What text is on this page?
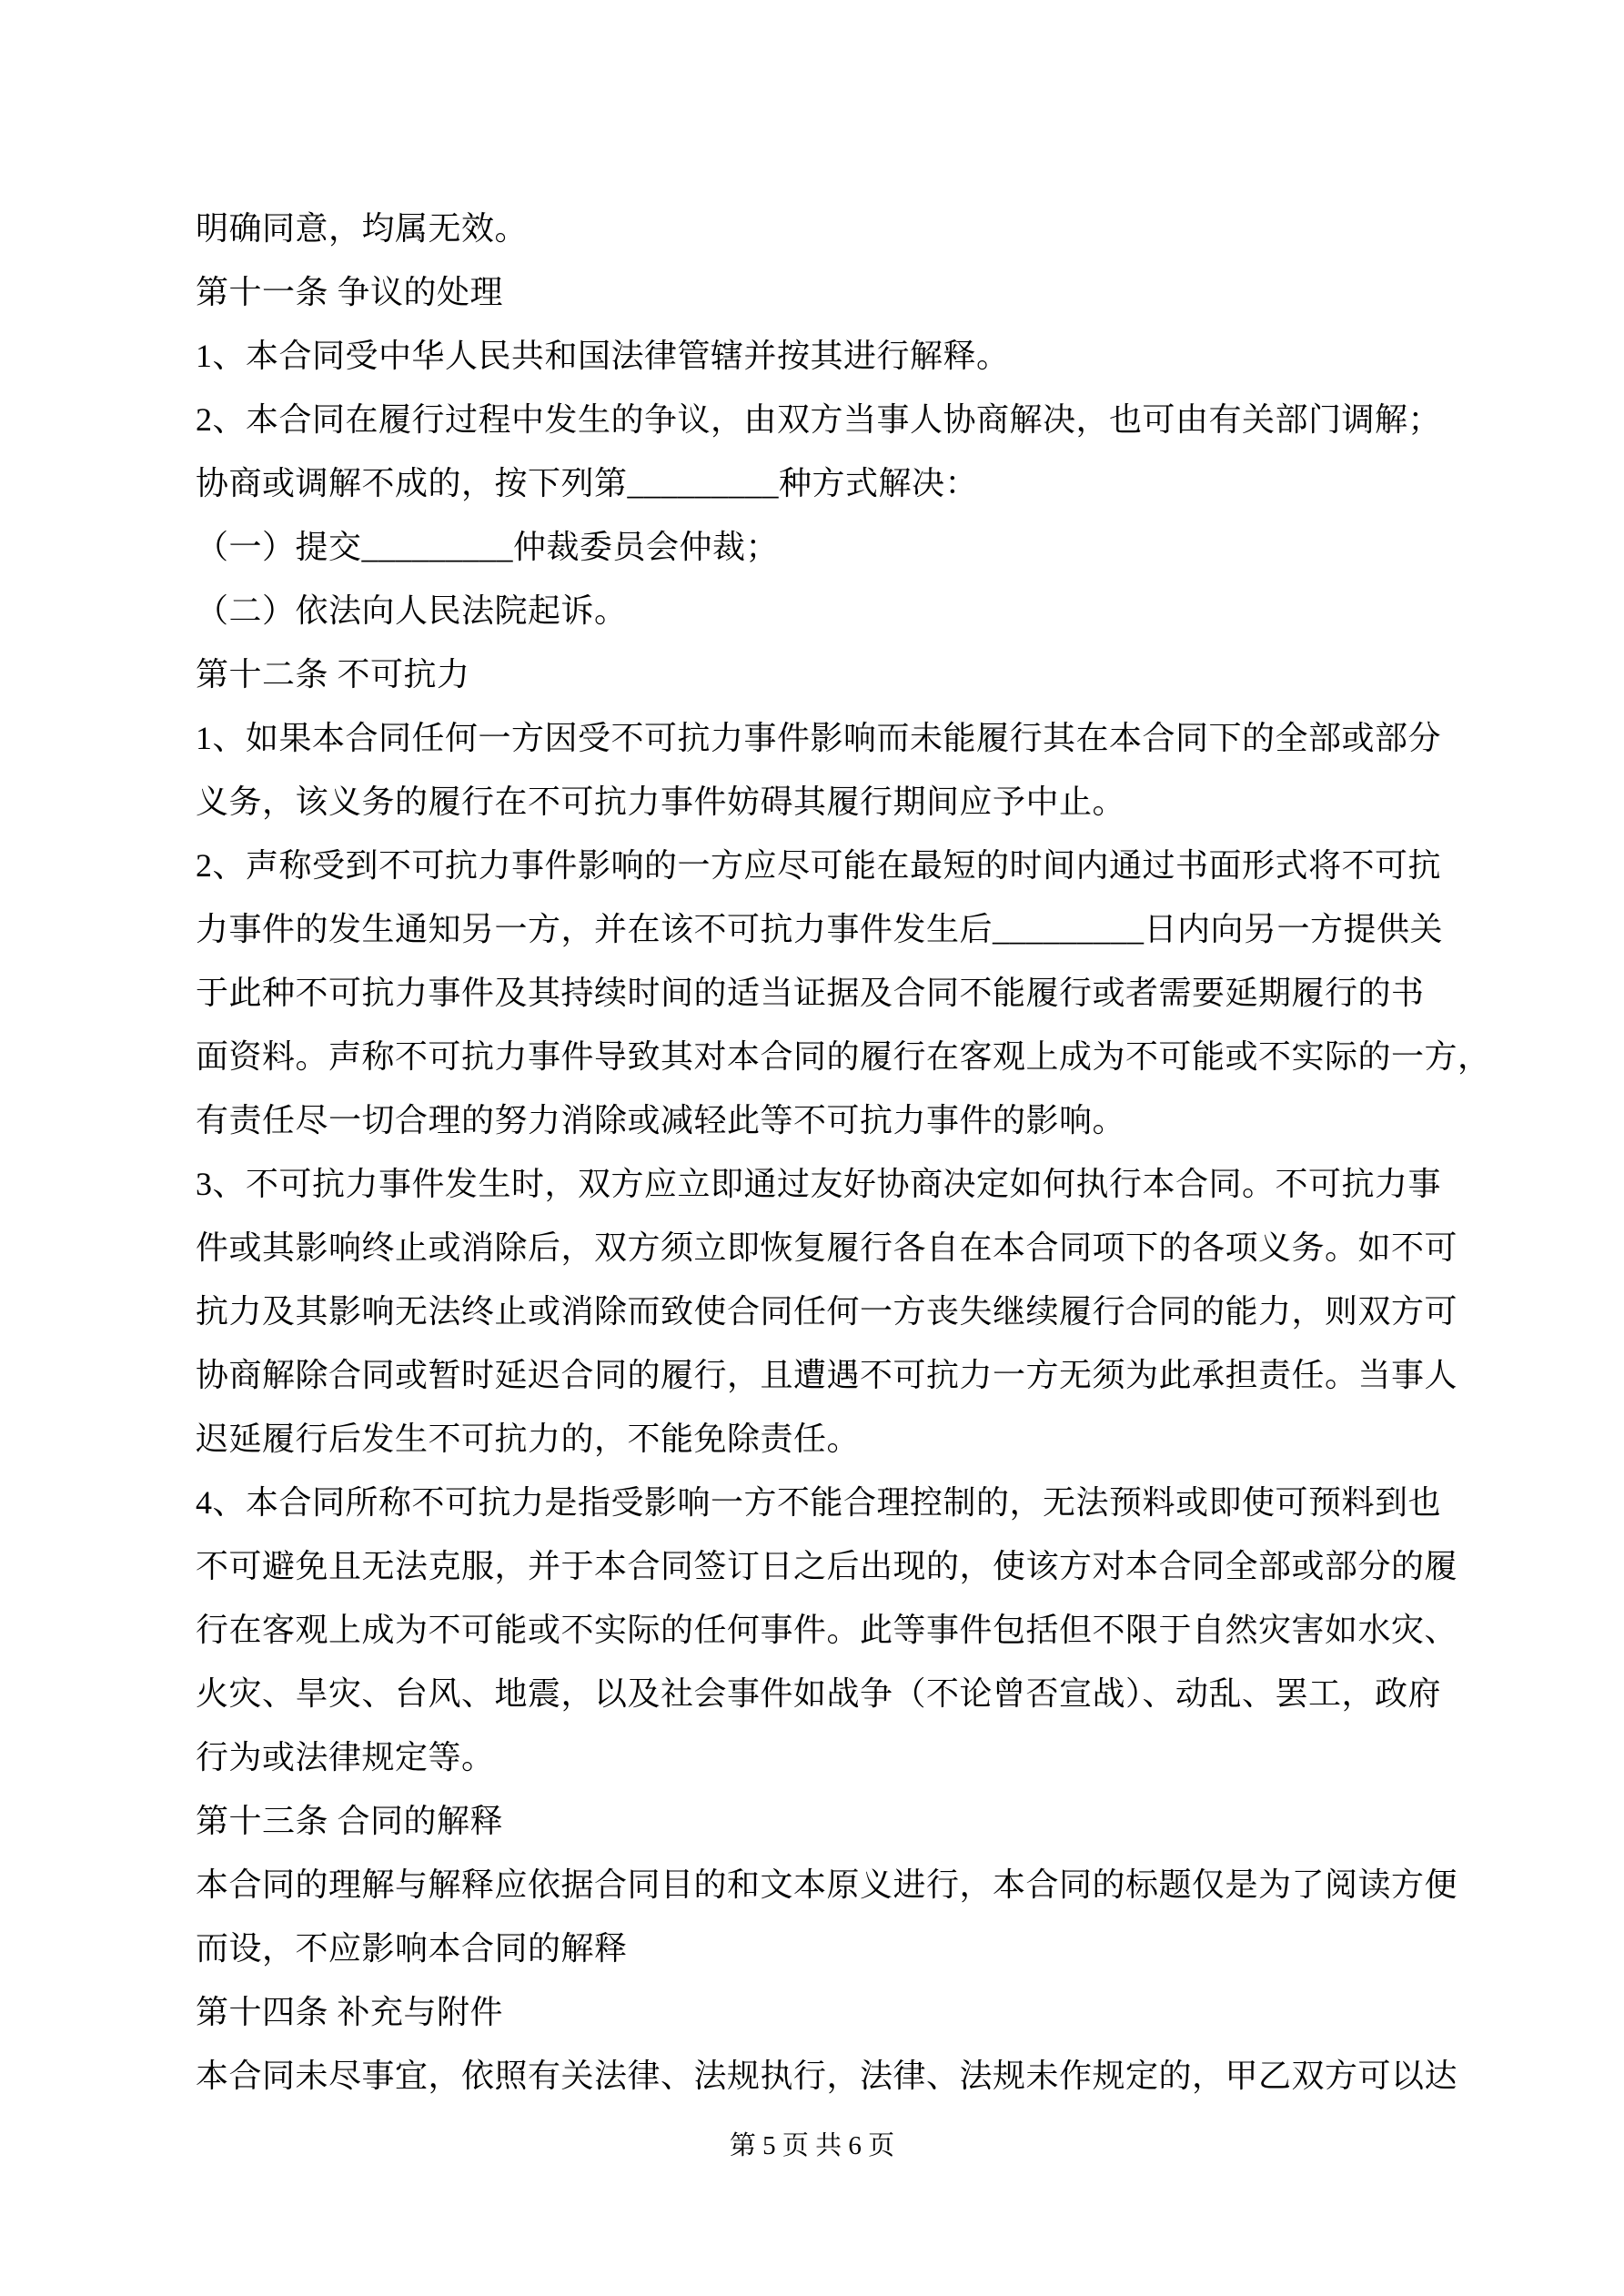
明确同意，均属无效。
第十一条 争议的处理
1、本合同受中华人民共和国法律管辖并按其进行解释。
2、本合同在履行过程中发生的争议，由双方当事人协商解决，也可由有关部门调解；
协商或调解不成的，按下列第_________种方式解决：
（一）提交_________仲裁委员会仲裁；
（二）依法向人民法院起诉。
第十二条 不可抗力
1、如果本合同任何一方因受不可抗力事件影响而未能履行其在本合同下的全部或部分
义务，该义务的履行在不可抗力事件妨碍其履行期间应予中止。
2、声称受到不可抗力事件影响的一方应尽可能在最短的时间内通过书面形式将不可抗
力事件的发生通知另一方，并在该不可抗力事件发生后_________日内向另一方提供关
于此种不可抗力事件及其持续时间的适当证据及合同不能履行或者需要延期履行的书
面资料。声称不可抗力事件导致其对本合同的履行在客观上成为不可能或不实际的一方，
有责任尽一切合理的努力消除或减轻此等不可抗力事件的影响。
3、不可抗力事件发生时，双方应立即通过友好协商决定如何执行本合同。不可抗力事
件或其影响终止或消除后，双方须立即恢复履行各自在本合同项下的各项义务。如不可
抗力及其影响无法终止或消除而致使合同任何一方丧失继续履行合同的能力，则双方可
协商解除合同或暂时延迟合同的履行，且遭遇不可抗力一方无须为此承担责任。当事人
迟延履行后发生不可抗力的，不能免除责任。
4、本合同所称不可抗力是指受影响一方不能合理控制的，无法预料或即使可预料到也
不可避免且无法克服，并于本合同签订日之后出现的，使该方对本合同全部或部分的履
行在客观上成为不可能或不实际的任何事件。此等事件包括但不限于自然灾害如水灾、
火灾、旱灾、台风、地震，以及社会事件如战争（不论曾否宣战）、动乱、罢工，政府
行为或法律规定等。
第十三条 合同的解释
本合同的理解与解释应依据合同目的和文本原义进行，本合同的标题仅是为了阅读方便
而设，不应影响本合同的解释
第十四条 补充与附件
本合同未尽事宜，依照有关法律、法规执行，法律、法规未作规定的，甲乙双方可以达
第 5 页 共 6 页
